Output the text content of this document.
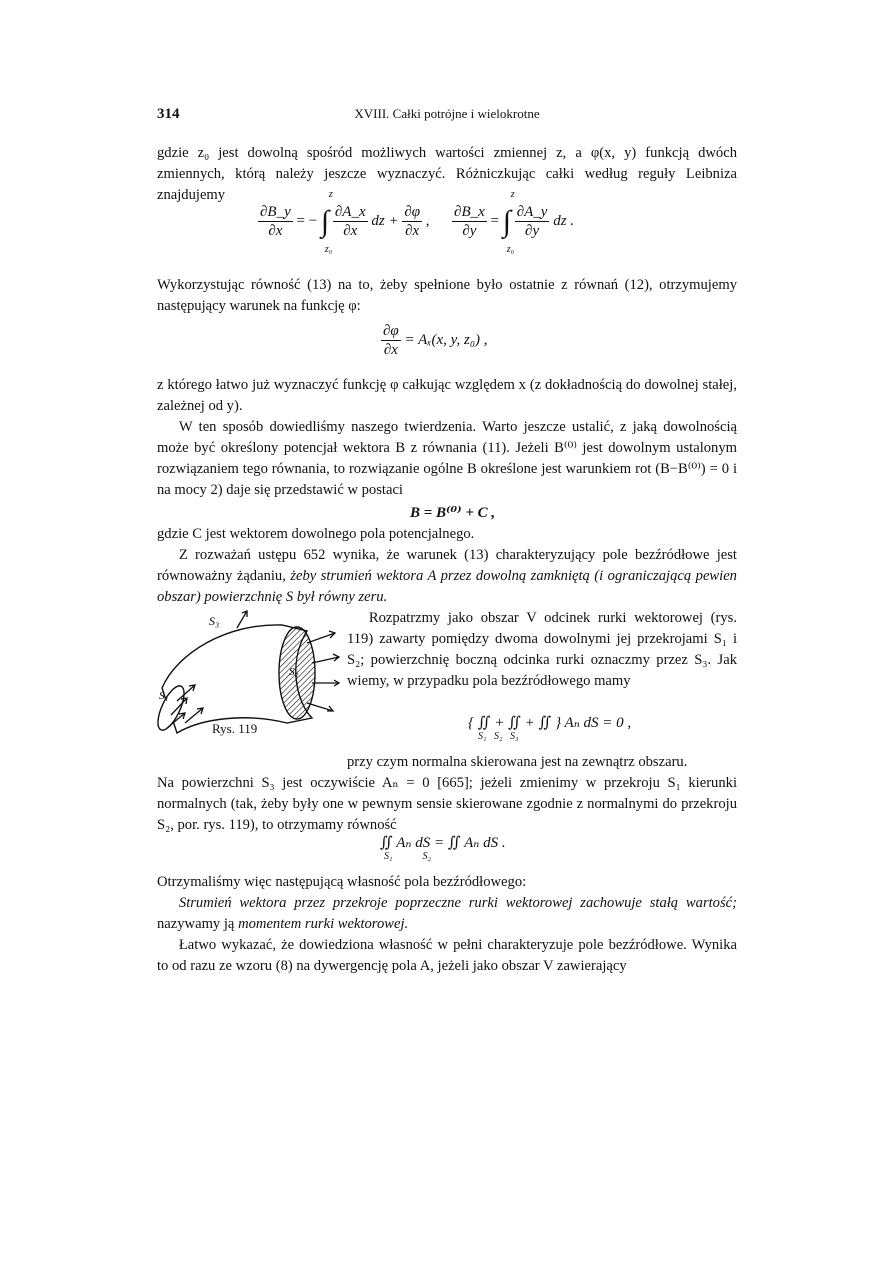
314	XVIII. Całki potrójne i wielokrotne
gdzie z₀ jest dowolną spośród możliwych wartości zmiennej z, a φ(x, y) funkcją dwóch zmiennych, którą należy jeszcze wyznaczyć. Różniczkując całki według reguły Leibniza znajdujemy
$\frac{\partial B\_y}{\partial x}$ = −
z
∫
z₀

$\frac{\partial A\_x}{\partial x}$ dz + $\frac{\partial\varphi}{\partial x}$ , $\frac{\partial B\_x}{\partial y}$ =
z
∫
z₀

$\frac{\partial A\_y}{\partial y}$ dz .
Wykorzystując równość (13) na to, żeby spełnione było ostatnie z równań (12), otrzymujemy następujący warunek na funkcję φ:
$\frac{\partial\varphi}{\partial x} = A_x(x$, y, z₀) ,
z którego łatwo już wyznaczyć funkcję φ całkując względem x (z dokładnością do dowolnej stałej, zależnej od y).
W ten sposób dowiedliśmy naszego twierdzenia. Warto jeszcze ustalić, z jaką dowolnością może być określony potencjał wektora B z równania (11). Jeżeli B⁽⁰⁾ jest dowolnym ustalonym rozwiązaniem tego równania, to rozwiązanie ogólne B określone jest warunkiem rot (B−B⁽⁰⁾) = 0 i na mocy 2) daje się przedstawić w postaci
B = B⁽⁰⁾ + C ,
gdzie C jest wektorem dowolnego pola potencjalnego.
Z rozważań ustępu 652 wynika, że warunek (13) charakteryzujący pole bezźródłowe jest równoważny żądaniu, żeby strumień wektora A przez dowolną zamkniętą (i ograniczającą pewien obszar) powierzchnię S był równy zeru.
S₃
S₂
S₁
Rys. 119
Rozpatrzmy jako obszar V odcinek rurki wektorowej (rys. 119) zawarty pomiędzy dwoma dowolnymi jej przekrojami S₁ i S₂; powierzchnię boczną odcinka rurki oznaczmy przez S₃. Jak wiemy, w przypadku pola bezźródłowego mamy
{ ∬ + ∬ + ∬ } Aₙ dS = 0 ,
S₁   S₂   S₃
przy czym normalna skierowana jest na zewnątrz obszaru.
Na powierzchni S₃ jest oczywiście Aₙ = 0 [665]; jeżeli zmienimy w przekroju S₁ kierunki normalnych (tak, żeby były one w pewnym sensie skierowane zgodnie z normalnymi do przekroju S₂, por. rys. 119), to otrzymamy równość
∬ Aₙ dS = ∬ Aₙ dS .
S₁            S₂
Otrzymaliśmy więc następującą własność pola bezźródłowego:
Strumień wektora przez przekroje poprzeczne rurki wektorowej zachowuje stałą wartość; nazywamy ją momentem rurki wektorowej.
Łatwo wykazać, że dowiedziona własność w pełni charakteryzuje pole bezźródłowe. Wynika to od razu ze wzoru (8) na dywergencję pola A, jeżeli jako obszar V zawierający
